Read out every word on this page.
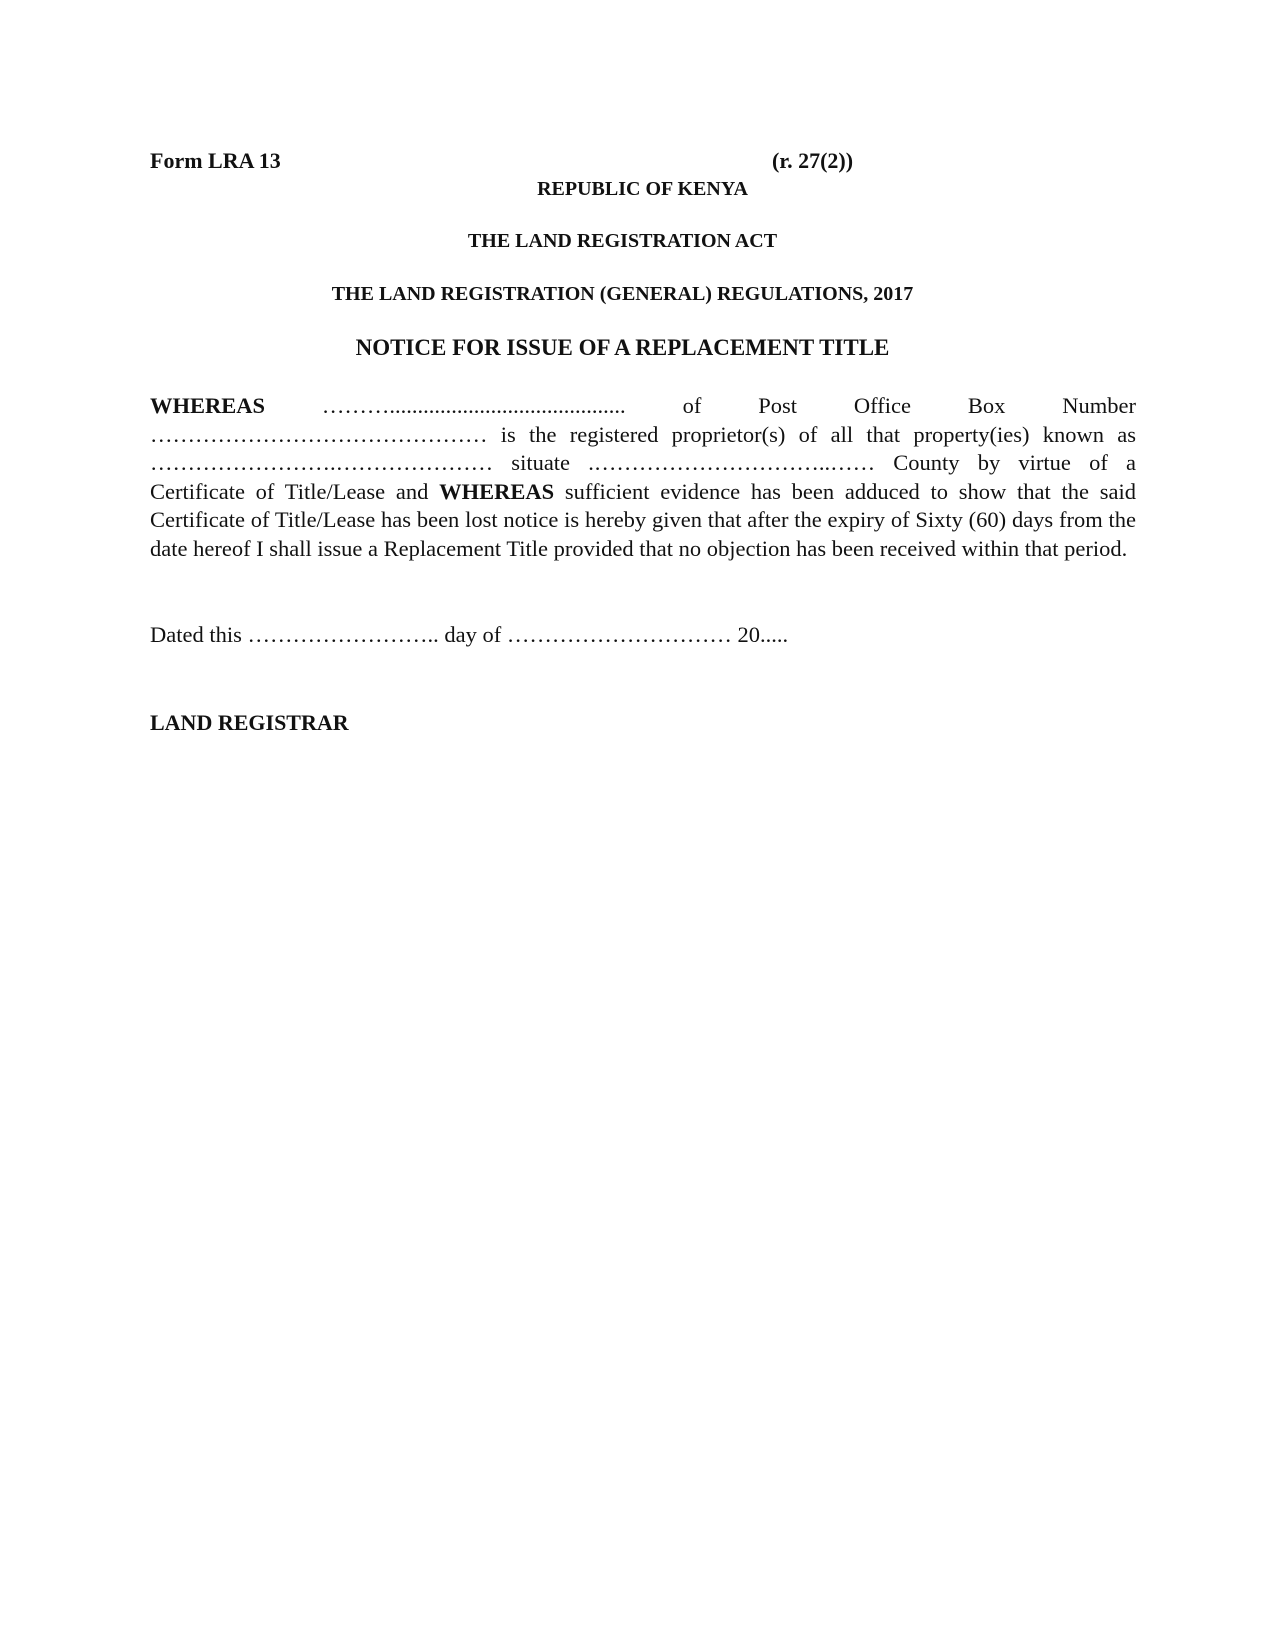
Form LRA 13	(r. 27(2))
REPUBLIC OF KENYA
THE LAND REGISTRATION ACT
THE LAND REGISTRATION (GENERAL) REGULATIONS, 2017
NOTICE FOR ISSUE OF A REPLACEMENT TITLE
WHEREAS ……….......................................... of Post Office Box Number ……………………………………… is the registered proprietor(s) of all that property(ies) known as …………………….………………… situate .…………………………..…… County by virtue of a Certificate of Title/Lease and WHEREAS sufficient evidence has been adduced to show that the said Certificate of Title/Lease has been lost notice is hereby given that after the expiry of Sixty (60) days from the date hereof I shall issue a Replacement Title provided that no objection has been received within that period.
Dated this …………………….. day of ………………………… 20.....
LAND REGISTRAR
